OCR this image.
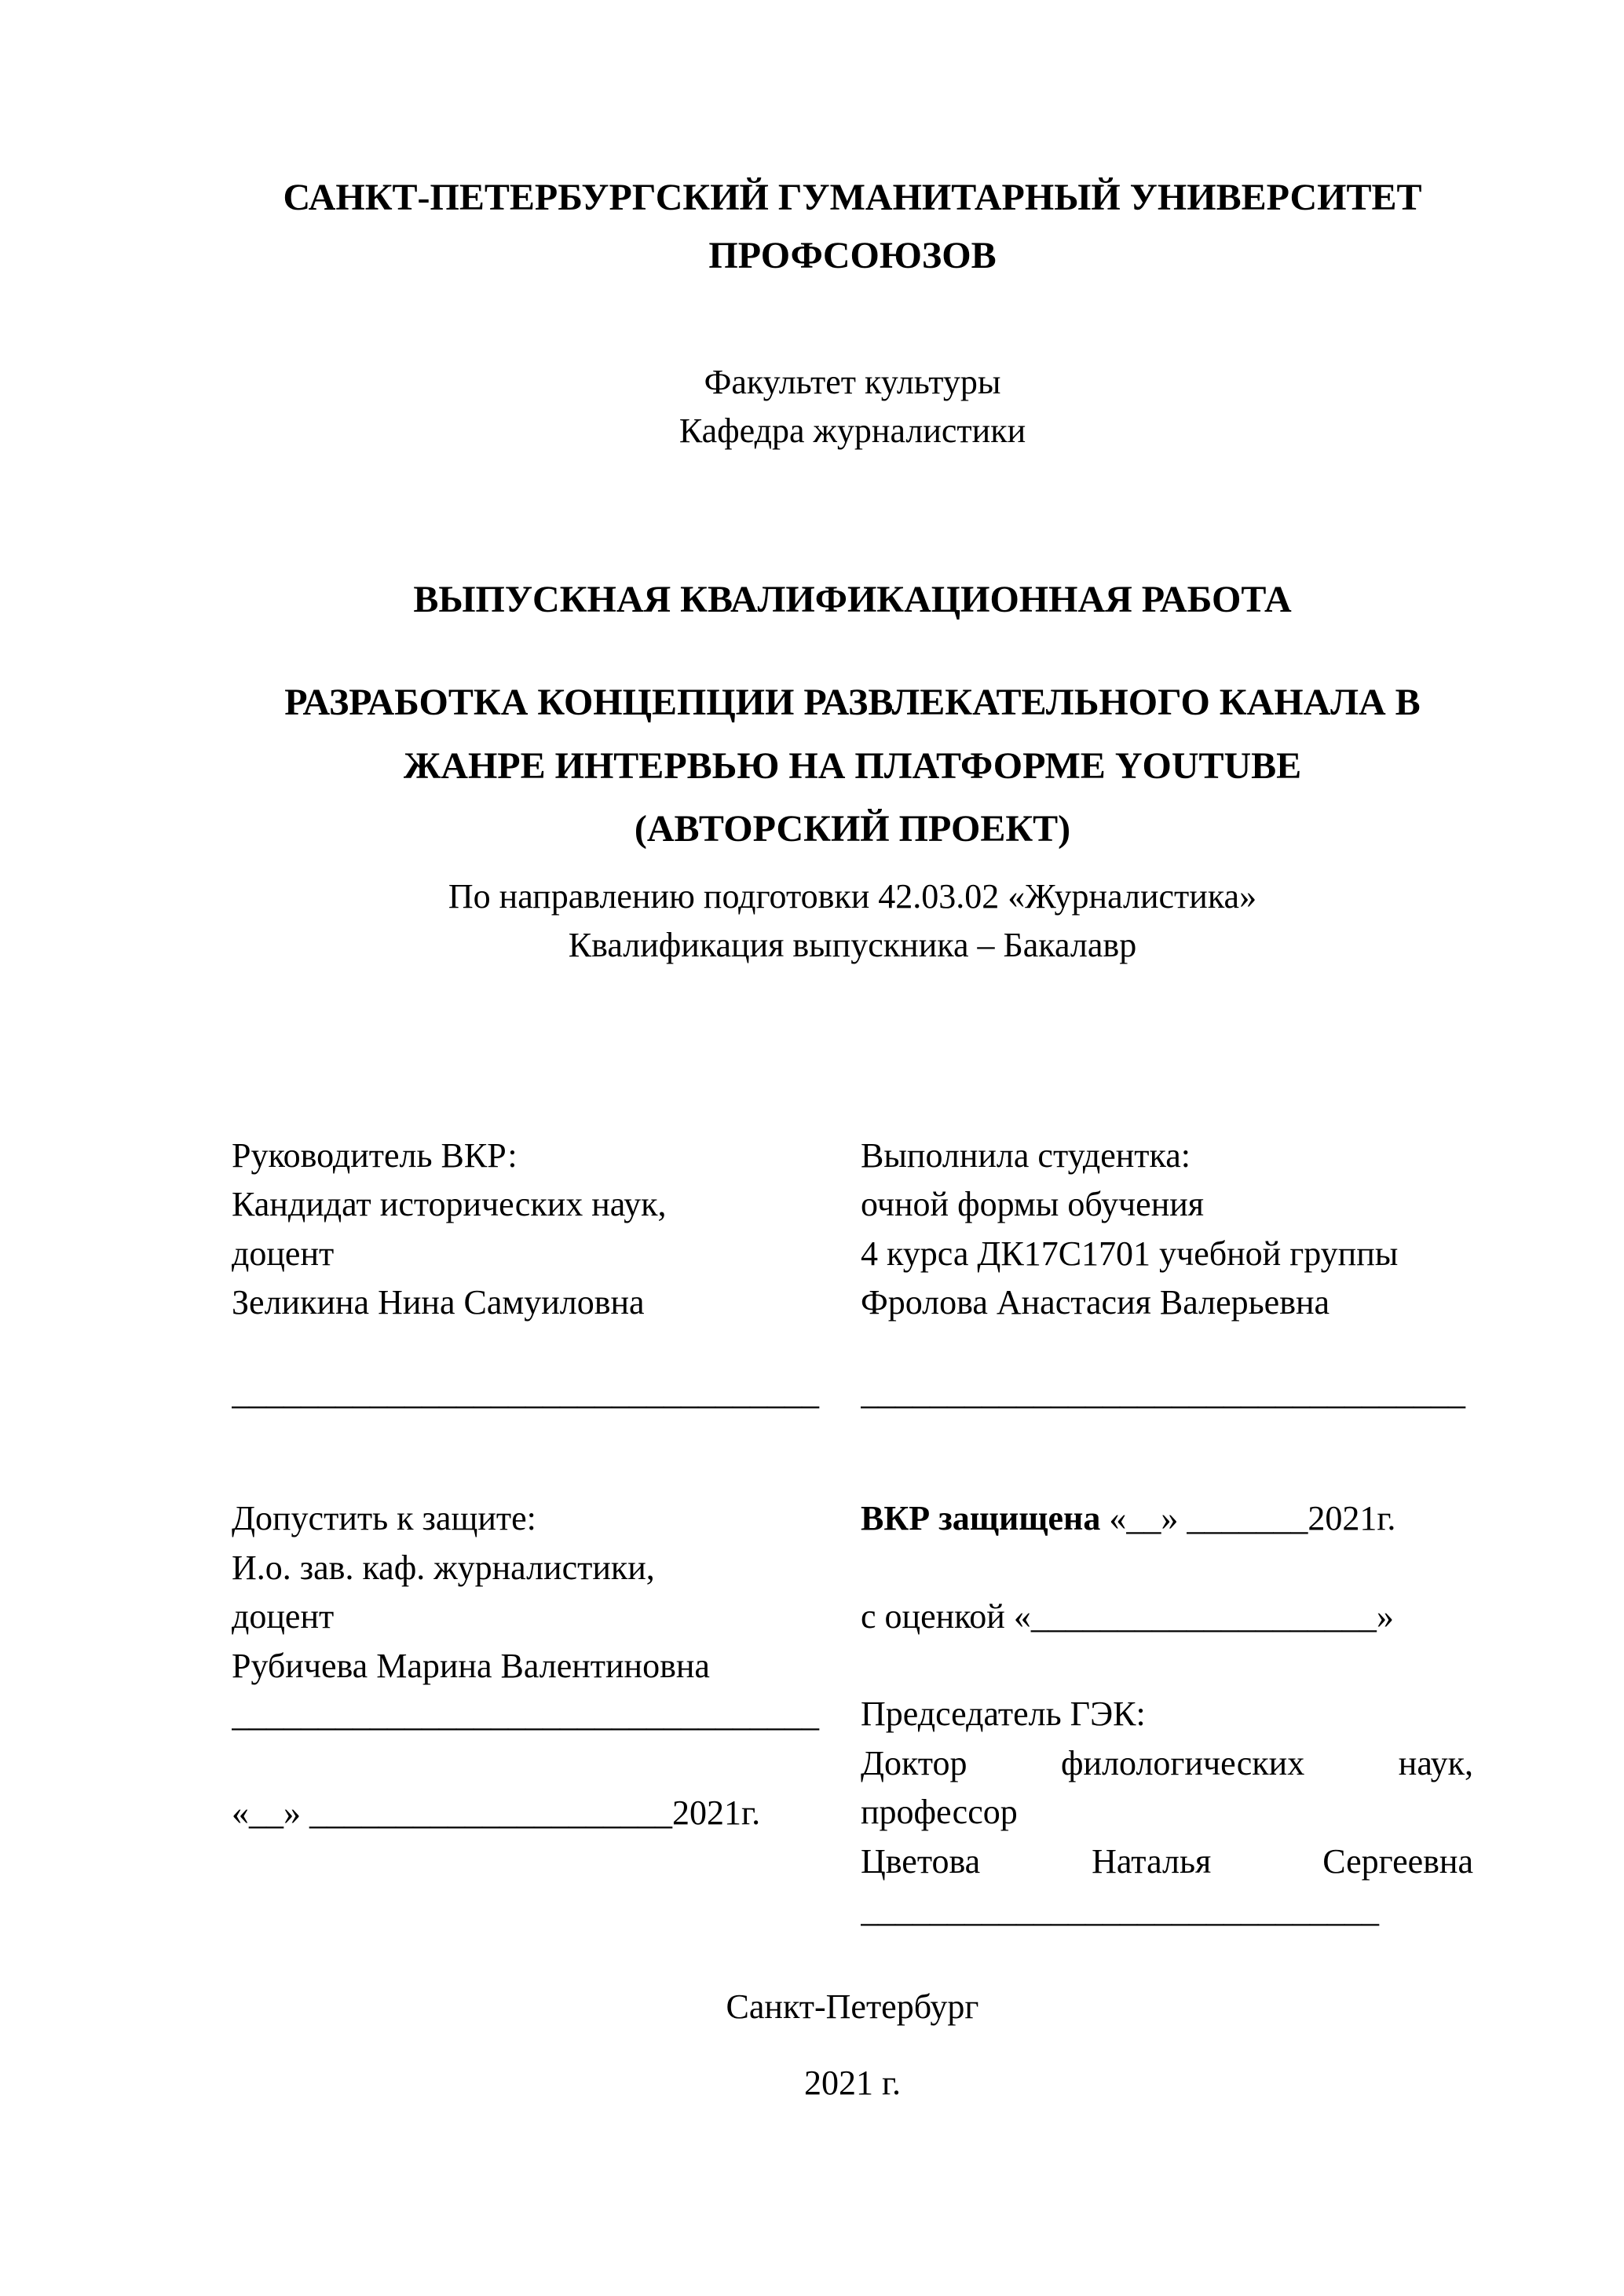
САНКТ-ПЕТЕРБУРГСКИЙ ГУМАНИТАРНЫЙ УНИВЕРСИТЕТ
ПРОФСОЮЗОВ
Факультет культуры
Кафедра журналистики
ВЫПУСКНАЯ КВАЛИФИКАЦИОННАЯ РАБОТА
РАЗРАБОТКА КОНЦЕПЦИИ РАЗВЛЕКАТЕЛЬНОГО КАНАЛА В
ЖАНРЕ ИНТЕРВЬЮ НА ПЛАТФОРМЕ YOUTUBE
(АВТОРСКИЙ ПРОЕКТ)
По направлению подготовки 42.03.02 «Журналистика»
Квалификация выпускника – Бакалавр
Руководитель ВКР:
Кандидат исторических наук,
доцент
Зеликина Нина Самуиловна
Выполнила студентка:
очной формы обучения
4 курса ДК17С1701 учебной группы
Фролова Анастасия Валерьевна
__________________________________	___________________________________
Допустить к защите:
И.о. зав. каф. журналистики,
доцент
Рубичева Марина Валентиновна
__________________________________
«__» _____________________2021г.
ВКР защищена «__» _______2021г.
с оценкой «____________________»
Председатель ГЭК:
Доктор филологических наук,
профессор
Цветова Наталья Сергеевна
______________________________
Санкт-Петербург
2021 г.
